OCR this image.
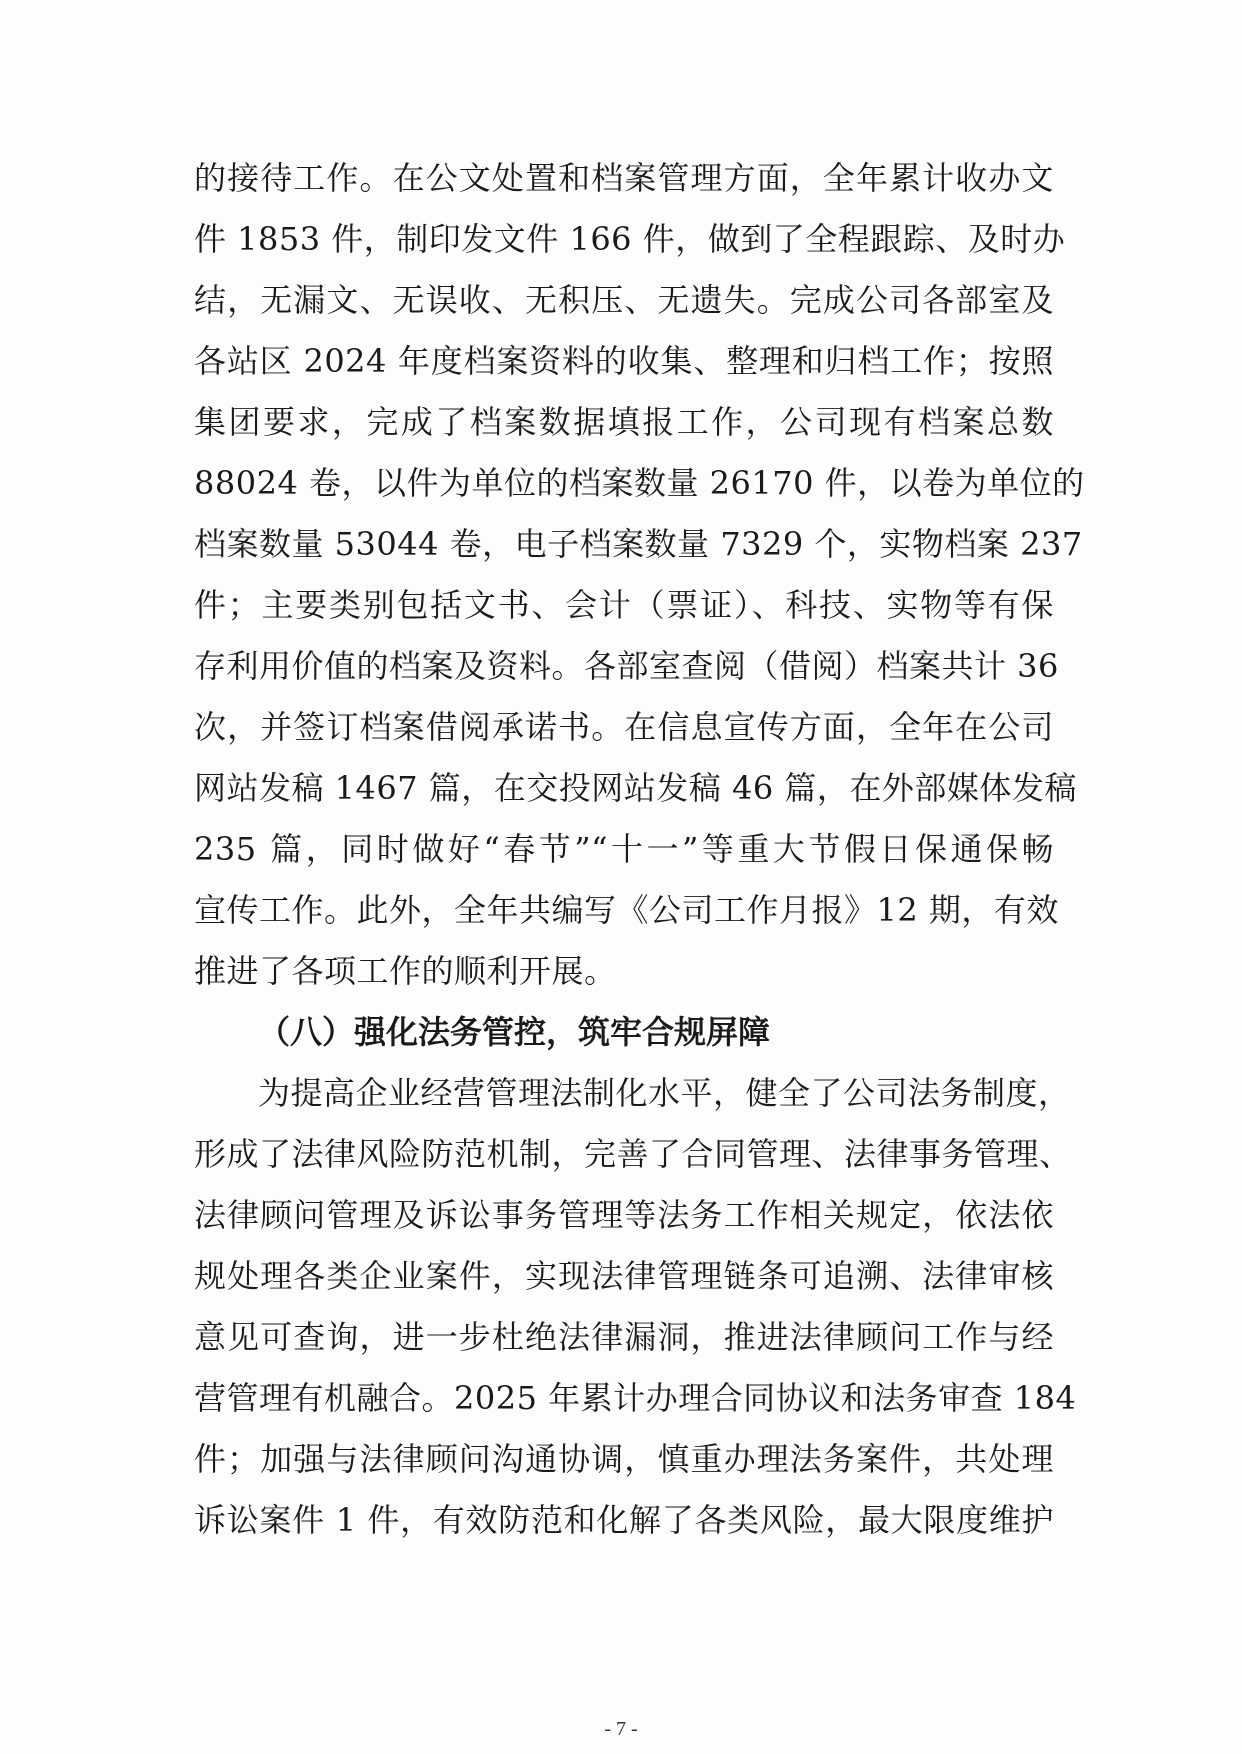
的接待工作。在公文处置和档案管理方面，全年累计收办文
件 1853 件，制印发文件 166 件，做到了全程跟踪、及时办
结，无漏文、无误收、无积压、无遗失。完成公司各部室及
各站区 2024 年度档案资料的收集、整理和归档工作；按照
集团要求，完成了档案数据填报工作，公司现有档案总数
88024 卷，以件为单位的档案数量 26170 件，以卷为单位的
档案数量 53044 卷，电子档案数量 7329 个，实物档案 237
件；主要类别包括文书、会计（票证）、科技、实物等有保
存利用价值的档案及资料。各部室查阅（借阅）档案共计 36
次，并签订档案借阅承诺书。在信息宣传方面，全年在公司
网站发稿 1467 篇，在交投网站发稿 46 篇，在外部媒体发稿
235 篇，同时做好“春节”“十一”等重大节假日保通保畅
宣传工作。此外，全年共编写《公司工作月报》12 期，有效
推进了各项工作的顺利开展。
（八）强化法务管控，筑牢合规屏障
为提高企业经营管理法制化水平，健全了公司法务制度，
形成了法律风险防范机制，完善了合同管理、法律事务管理、
法律顾问管理及诉讼事务管理等法务工作相关规定，依法依
规处理各类企业案件，实现法律管理链条可追溯、法律审核
意见可查询，进一步杜绝法律漏洞，推进法律顾问工作与经
营管理有机融合。2025 年累计办理合同协议和法务审查 184
件；加强与法律顾问沟通协调，慎重办理法务案件，共处理
诉讼案件 1 件，有效防范和化解了各类风险，最大限度维护
- 7 -
